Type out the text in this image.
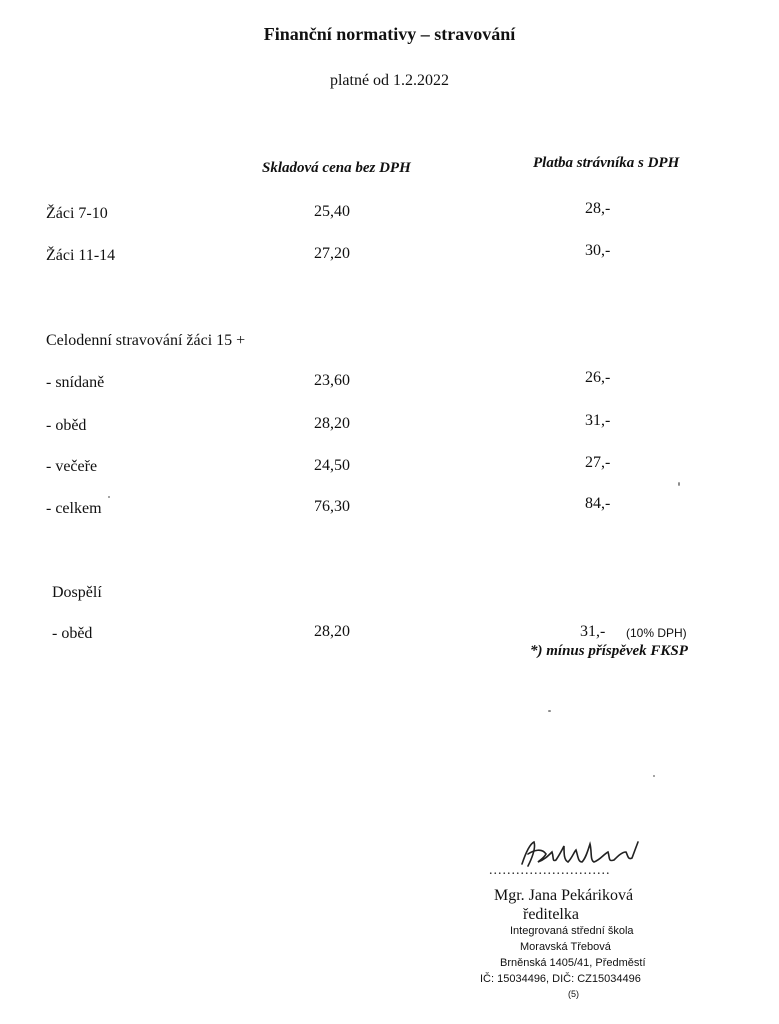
Finanční normativy – stravování
platné od 1.2.2022
Skladová cena bez DPH	Platba strávníka s DPH
Žáci 7-10	25,40	28,-
Žáci 11-14	27,20	30,-
Celodenní stravování žáci 15 +
- snídaně	23,60	26,-
- oběd	28,20	31,-
- večeře	24,50	27,-
- celkem	76,30	84,-
Dospělí
- oběd	28,20	31,- (10% DPH)
*) mínus příspěvek FKSP
...........................
Mgr. Jana Pekáriková
ředitelka
Integrovaná střední škola
Moravská Třebová
Brněnská 1405/41, Předměstí
IČ: 15034496, DIČ: CZ15034496
(5)
